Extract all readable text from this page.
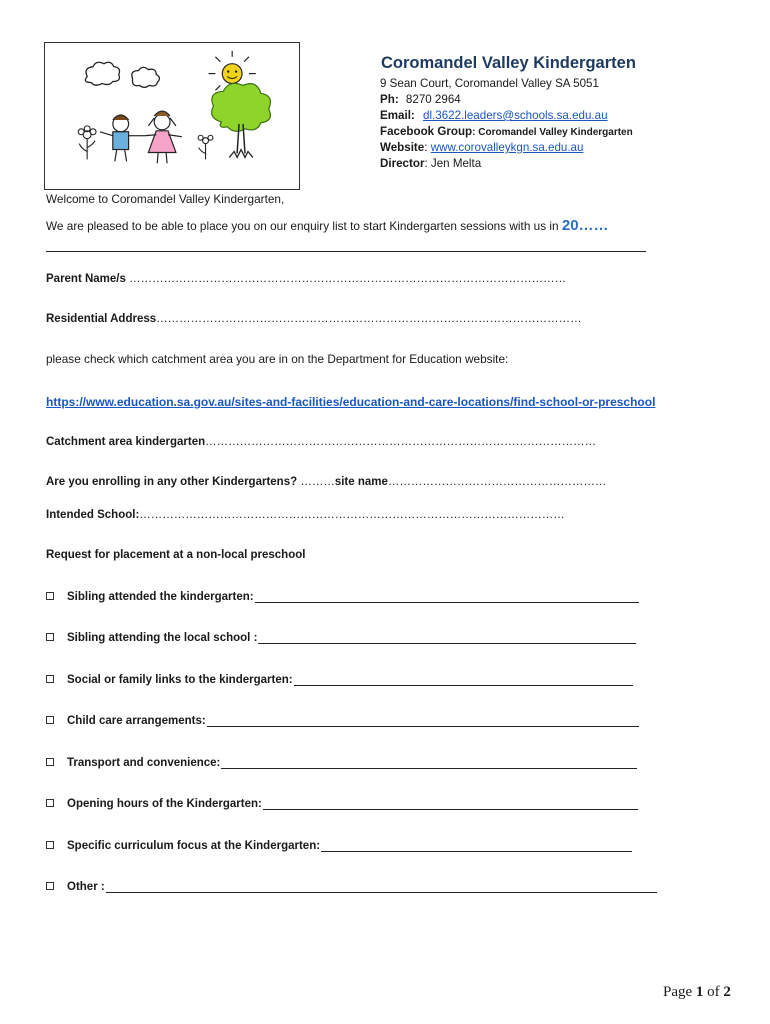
Coromandel Valley Kindergarten
9 Sean Court, Coromandel Valley SA 5051
Ph: 8270 2964
Email: dl.3622.leaders@schools.sa.edu.au
Facebook Group: Coromandel Valley Kindergarten
Website: www.corovalleykgn.sa.edu.au
Director: Jen Melta
Welcome to Coromandel Valley Kindergarten,
We are pleased to be able to place you on our enquiry list to start Kindergarten sessions with us in 20……
Parent Name/s ……………………………………………………………………………………………………
Residential Address…………………………………………………………………………………………………
please check which catchment area you are in on the Department for Education website:
https://www.education.sa.gov.au/sites-and-facilities/education-and-care-locations/find-school-or-preschool
Catchment area kindergarten…………………………………………………………………………………………
Are you enrolling in any other Kindergartens? ………site name…………………………………………………
Intended School:…………………………………………………………………………………………………
Request for placement at a non-local preschool
Sibling attended the kindergarten:
Sibling attending the local school :
Social or family links to the kindergarten:
Child care arrangements:
Transport and convenience:
Opening hours of the Kindergarten:
Specific curriculum focus at the Kindergarten:
Other :
Page 1 of 2
